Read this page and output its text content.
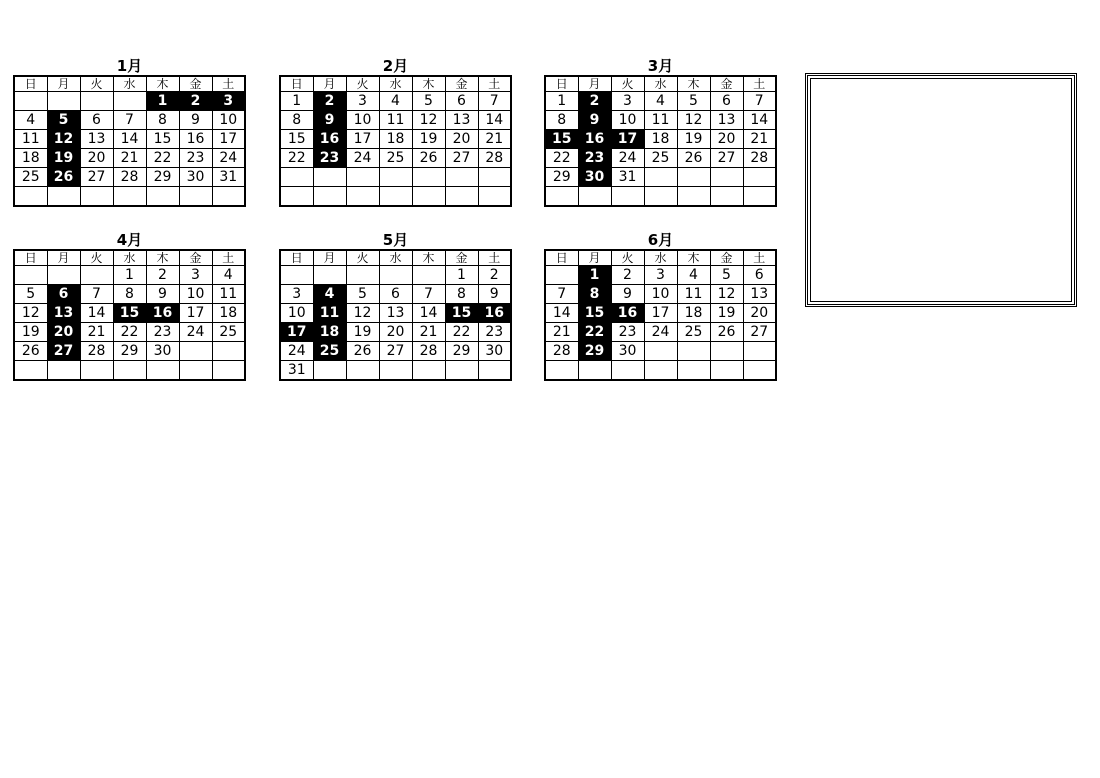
1月
日	月	火	水	木	金	土
				1	2	3
4	5	6	7	8	9	10
11	12	13	14	15	16	17
18	19	20	21	22	23	24
25	26	27	28	29	30	31

2月
日	月	火	水	木	金	土
1	2	3	4	5	6	7
8	9	10	11	12	13	14
15	16	17	18	19	20	21
22	23	24	25	26	27	28

3月
日	月	火	水	木	金	土
1	2	3	4	5	6	7
8	9	10	11	12	13	14
15	16	17	18	19	20	21
22	23	24	25	26	27	28
29	30	31				

4月
日	月	火	水	木	金	土
			1	2	3	4
5	6	7	8	9	10	11
12	13	14	15	16	17	18
19	20	21	22	23	24	25
26	27	28	29	30		

5月
日	月	火	水	木	金	土
					1	2
3	4	5	6	7	8	9
10	11	12	13	14	15	16
17	18	19	20	21	22	23
24	25	26	27	28	29	30
31						
6月
日	月	火	水	木	金	土
	1	2	3	4	5	6
7	8	9	10	11	12	13
14	15	16	17	18	19	20
21	22	23	24	25	26	27
28	29	30				
